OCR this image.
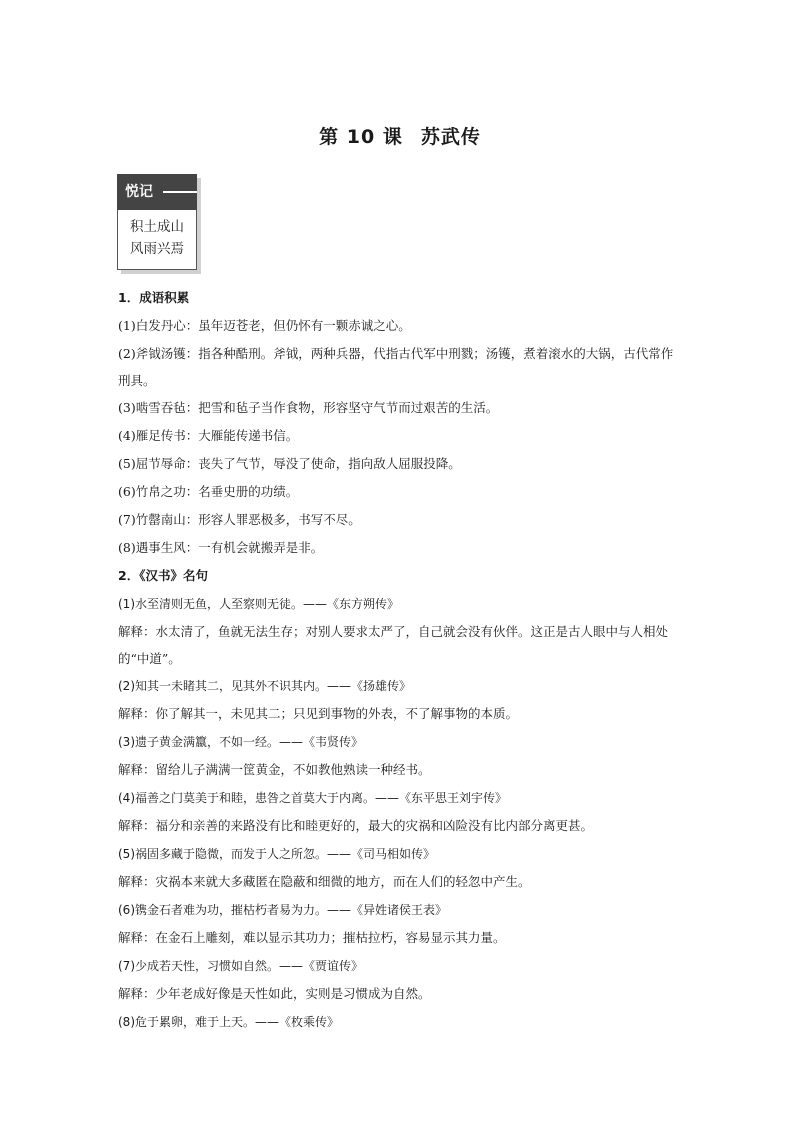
第 10 课 苏武传
悦记
积土成山
风雨兴焉

1．成语积累

(1)白发丹心：虽年迈苍老，但仍怀有一颗赤诚之心。

(2)斧钺汤镬：指各种酷刑。斧钺，两种兵器，代指古代军中刑戮；汤镬，煮着滚水的大锅，古代常作刑具。

(3)啮雪吞毡：把雪和毡子当作食物，形容坚守气节而过艰苦的生活。

(4)雁足传书：大雁能传递书信。

(5)屈节辱命：丧失了气节，辱没了使命，指向敌人屈服投降。

(6)竹帛之功：名垂史册的功绩。

(7)竹罄南山：形容人罪恶极多，书写不尽。

(8)遇事生风：一有机会就搬弄是非。

2．《汉书》名句

(1)水至清则无鱼，人至察则无徒。——《东方朔传》

解释：水太清了，鱼就无法生存；对别人要求太严了，自己就会没有伙伴。这正是古人眼中与人相处的“中道”。

(2)知其一未睹其二，见其外不识其内。——《扬雄传》

解释：你了解其一，未见其二；只见到事物的外表，不了解事物的本质。

(3)遗子黄金满籝，不如一经。——《韦贤传》

解释：留给儿子满满一筐黄金，不如教他熟读一种经书。

(4)福善之门莫美于和睦，患咎之首莫大于内离。——《东平思王刘宇传》

解释：福分和亲善的来路没有比和睦更好的，最大的灾祸和凶险没有比内部分离更甚。

(5)祸固多藏于隐微，而发于人之所忽。——《司马相如传》

解释：灾祸本来就大多藏匿在隐蔽和细微的地方，而在人们的轻忽中产生。

(6)镌金石者难为功，摧枯朽者易为力。——《异姓诸侯王表》

解释：在金石上雕刻，难以显示其功力；摧枯拉朽，容易显示其力量。

(7)少成若天性，习惯如自然。——《贾谊传》

解释：少年老成好像是天性如此，实则是习惯成为自然。

(8)危于累卵，难于上天。——《枚乘传》
